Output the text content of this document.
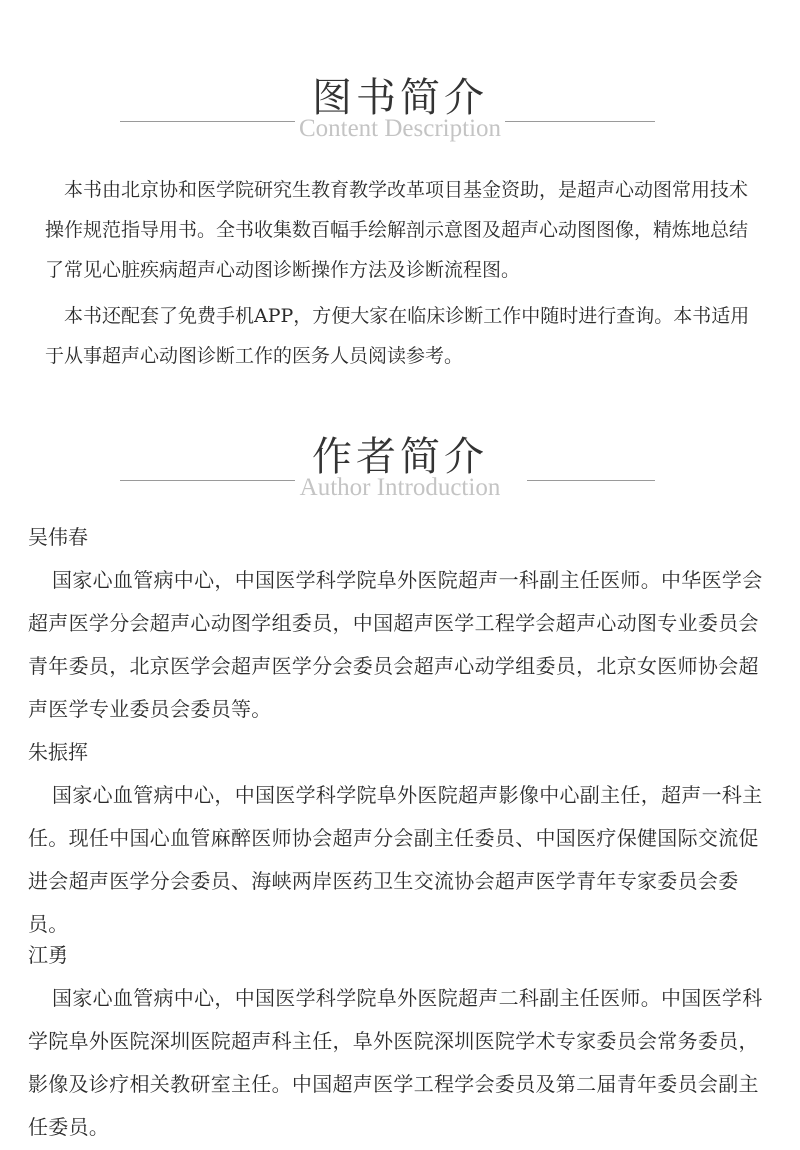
图书简介
Content Description
本书由北京协和医学院研究生教育教学改革项目基金资助，是超声心动图常用技术操作规范指导用书。全书收集数百幅手绘解剖示意图及超声心动图图像，精炼地总结了常见心脏疾病超声心动图诊断操作方法及诊断流程图。
本书还配套了免费手机APP，方便大家在临床诊断工作中随时进行查询。本书适用于从事超声心动图诊断工作的医务人员阅读参考。
作者简介
Author Introduction
吴伟春
国家心血管病中心，中国医学科学院阜外医院超声一科副主任医师。中华医学会超声医学分会超声心动图学组委员，中国超声医学工程学会超声心动图专业委员会青年委员，北京医学会超声医学分会委员会超声心动学组委员，北京女医师协会超声医学专业委员会委员等。
朱振挥
国家心血管病中心，中国医学科学院阜外医院超声影像中心副主任，超声一科主任。现任中国心血管麻醉医师协会超声分会副主任委员、中国医疗保健国际交流促进会超声医学分会委员、海峡两岸医药卫生交流协会超声医学青年专家委员会委员。
江勇
国家心血管病中心，中国医学科学院阜外医院超声二科副主任医师。中国医学科学院阜外医院深圳医院超声科主任，阜外医院深圳医院学术专家委员会常务委员，影像及诊疗相关教研室主任。中国超声医学工程学会委员及第二届青年委员会副主任委员。
